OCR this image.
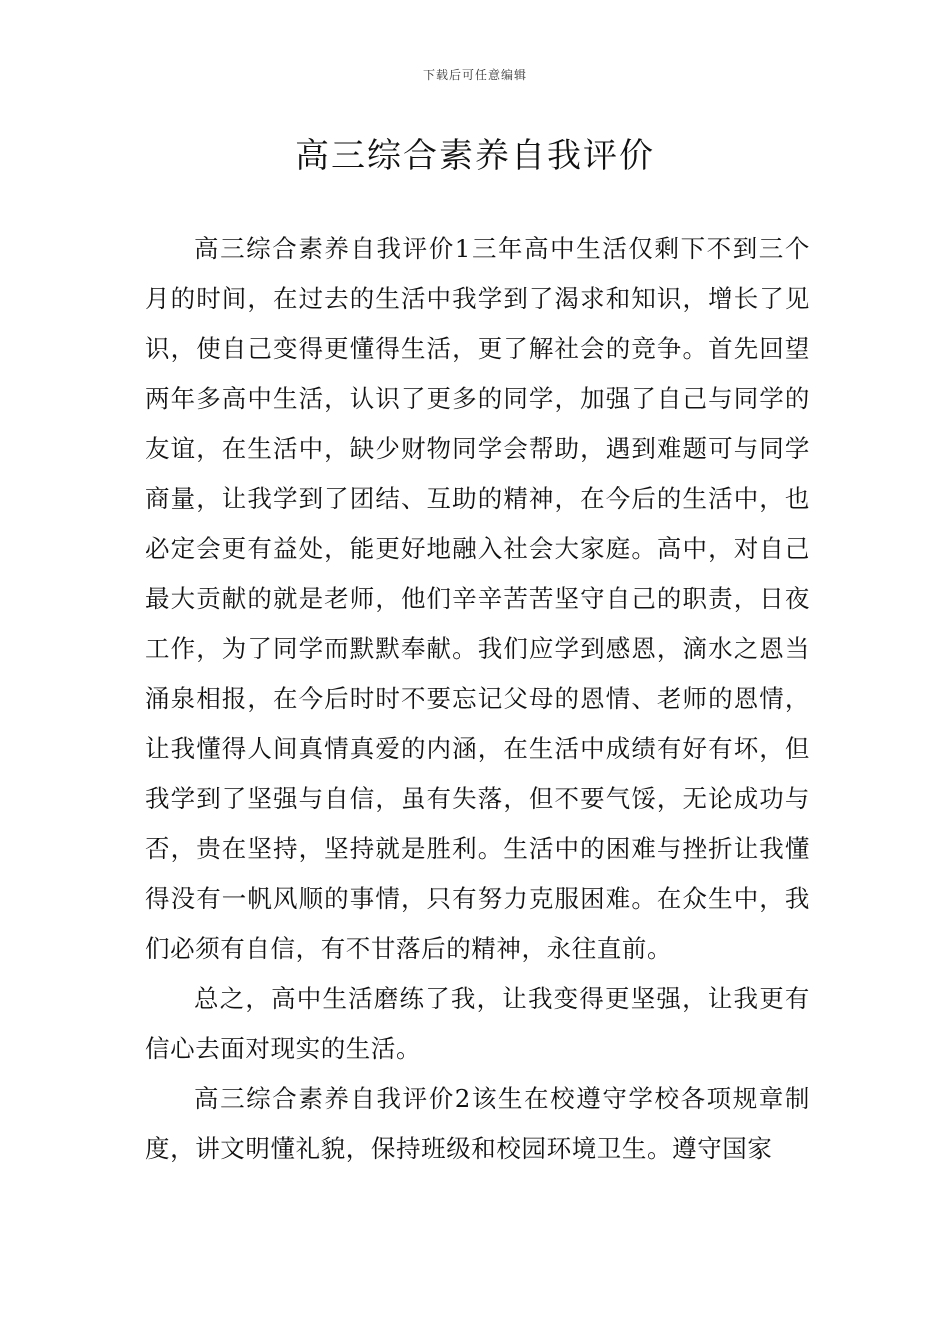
下载后可任意编辑
高三综合素养自我评价

高三综合素养自我评价1三年高中生活仅剩下不到三个月的时间，在过去的生活中我学到了渴求和知识，增长了见识，使自己变得更懂得生活，更了解社会的竞争。首先回望两年多高中生活，认识了更多的同学，加强了自己与同学的友谊，在生活中，缺少财物同学会帮助，遇到难题可与同学商量，让我学到了团结、互助的精神，在今后的生活中，也必定会更有益处，能更好地融入社会大家庭。高中，对自己最大贡献的就是老师，他们辛辛苦苦坚守自己的职责，日夜工作，为了同学而默默奉献。我们应学到感恩，滴水之恩当涌泉相报，在今后时时不要忘记父母的恩情、老师的恩情，让我懂得人间真情真爱的内涵，在生活中成绩有好有坏，但我学到了坚强与自信，虽有失落，但不要气馁，无论成功与否，贵在坚持，坚持就是胜利。生活中的困难与挫折让我懂得没有一帆风顺的事情，只有努力克服困难。在众生中，我们必须有自信，有不甘落后的精神，永往直前。

总之，高中生活磨练了我，让我变得更坚强，让我更有信心去面对现实的生活。

高三综合素养自我评价2该生在校遵守学校各项规章制度，讲文明懂礼貌，保持班级和校园环境卫生。遵守国家
